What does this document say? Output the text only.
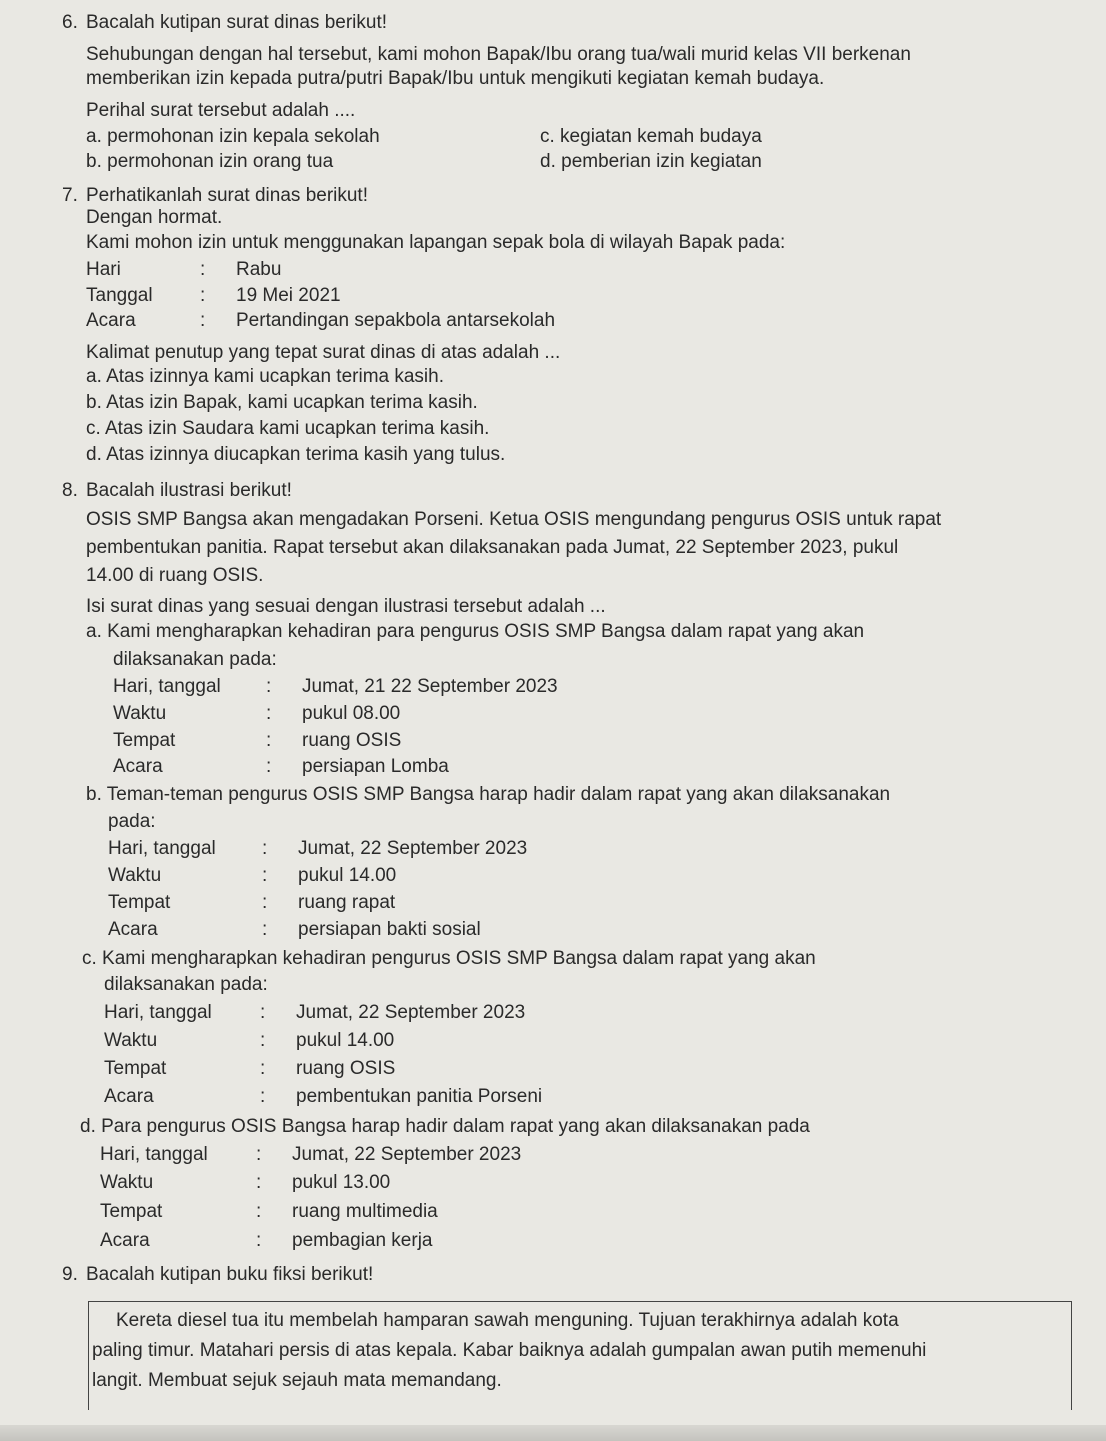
6. Bacalah kutipan surat dinas berikut!
Sehubungan dengan hal tersebut, kami mohon Bapak/Ibu orang tua/wali murid kelas VII berkenan
memberikan izin kepada putra/putri Bapak/Ibu untuk mengikuti kegiatan kemah budaya.
Perihal surat tersebut adalah ....
a. permohonan izin kepala sekolah	c. kegiatan kemah budaya
b. permohonan izin orang tua	d. pemberian izin kegiatan
7. Perhatikanlah surat dinas berikut!
Dengan hormat.
Kami mohon izin untuk menggunakan lapangan sepak bola di wilayah Bapak pada:
Hari	: Rabu
Tanggal : 19 Mei 2021
Acara	: Pertandingan sepakbola antarsekolah
Kalimat penutup yang tepat surat dinas di atas adalah ...
a. Atas izinnya kami ucapkan terima kasih.
b. Atas izin Bapak, kami ucapkan terima kasih.
c. Atas izin Saudara kami ucapkan terima kasih.
d. Atas izinnya diucapkan terima kasih yang tulus.
8. Bacalah ilustrasi berikut!
OSIS SMP Bangsa akan mengadakan Porseni. Ketua OSIS mengundang pengurus OSIS untuk rapat
pembentukan panitia. Rapat tersebut akan dilaksanakan pada Jumat, 22 September 2023, pukul
14.00 di ruang OSIS.
Isi surat dinas yang sesuai dengan ilustrasi tersebut adalah ...
a. Kami mengharapkan kehadiran para pengurus OSIS SMP Bangsa dalam rapat yang akan
dilaksanakan pada:
Hari, tanggal : Jumat, 21 22 September 2023
Waktu	: pukul 08.00
Tempat	: ruang OSIS
Acara	: persiapan Lomba
b. Teman-teman pengurus OSIS SMP Bangsa harap hadir dalam rapat yang akan dilaksanakan
pada:
Hari, tanggal : Jumat, 22 September 2023
Waktu	: pukul 14.00
Tempat	: ruang rapat
Acara	: persiapan bakti sosial
c. Kami mengharapkan kehadiran pengurus OSIS SMP Bangsa dalam rapat yang akan
dilaksanakan pada:
Hari, tanggal	: Jumat, 22 September 2023
Waktu	: pukul 14.00
Tempat	: ruang OSIS
Acara	: pembentukan panitia Porseni
d. Para pengurus OSIS Bangsa harap hadir dalam rapat yang akan dilaksanakan pada
Hari, tanggal	: Jumat, 22 September 2023
Waktu	: pukul 13.00
Tempat	: ruang multimedia
Acara	: pembagian kerja
9. Bacalah kutipan buku fiksi berikut!
Kereta diesel tua itu membelah hamparan sawah menguning. Tujuan terakhirnya adalah kota
paling timur. Matahari persis di atas kepala. Kabar baiknya adalah gumpalan awan putih memenuhi
langit. Membuat sejuk sejauh mata memandang.
